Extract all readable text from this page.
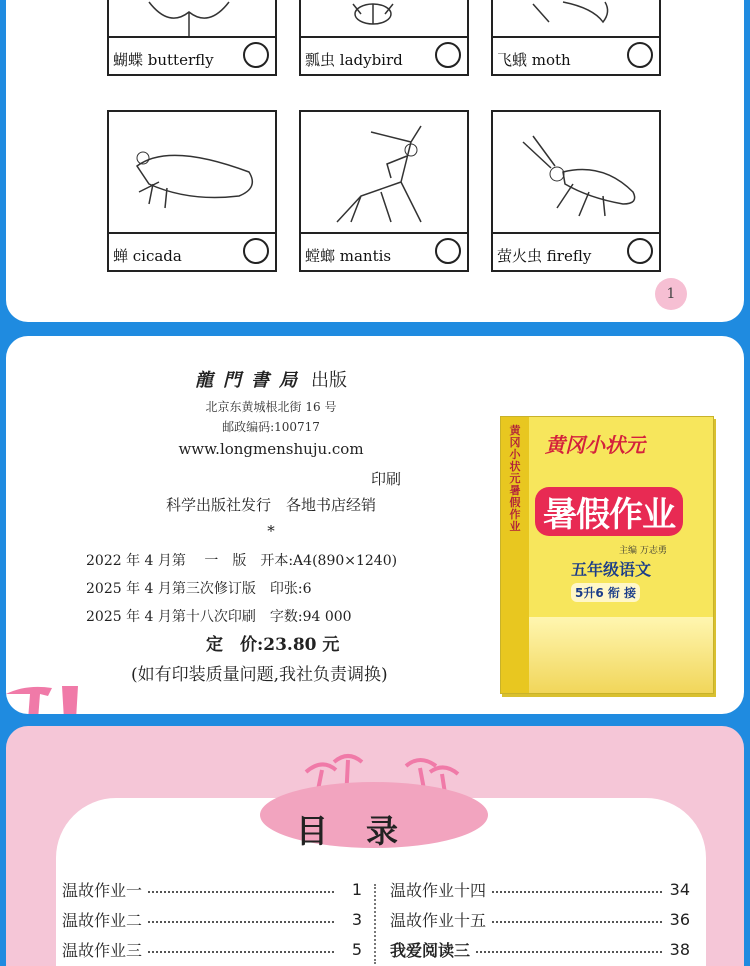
蝴蝶 butterfly	瓢虫 ladybird	飞蛾 moth
蝉 cicada	螳螂 mantis	萤火虫 firefly
1
龍門書局 出版
北京东黄城根北街 16 号
邮政编码:100717
www.longmenshuju.com
印刷
科学出版社发行　各地书店经销
*
2022 年 4 月第　 一　版　开本:A4(890×1240)
2025 年 4 月第三次修订版　印张:6
2025 年 4 月第十八次印刷　字数:94 000
定　价:23.80 元
(如有印装质量问题,我社负责调换)
黄冈小状元 暑假作业
黄冈小状元
暑假作业
主编 万志勇
五年级语文
5升6 衔 接
目录
温故作业一	1
温故作业二	3
温故作业三	5
温故作业十四	34
温故作业十五	36
我爱阅读三	38
